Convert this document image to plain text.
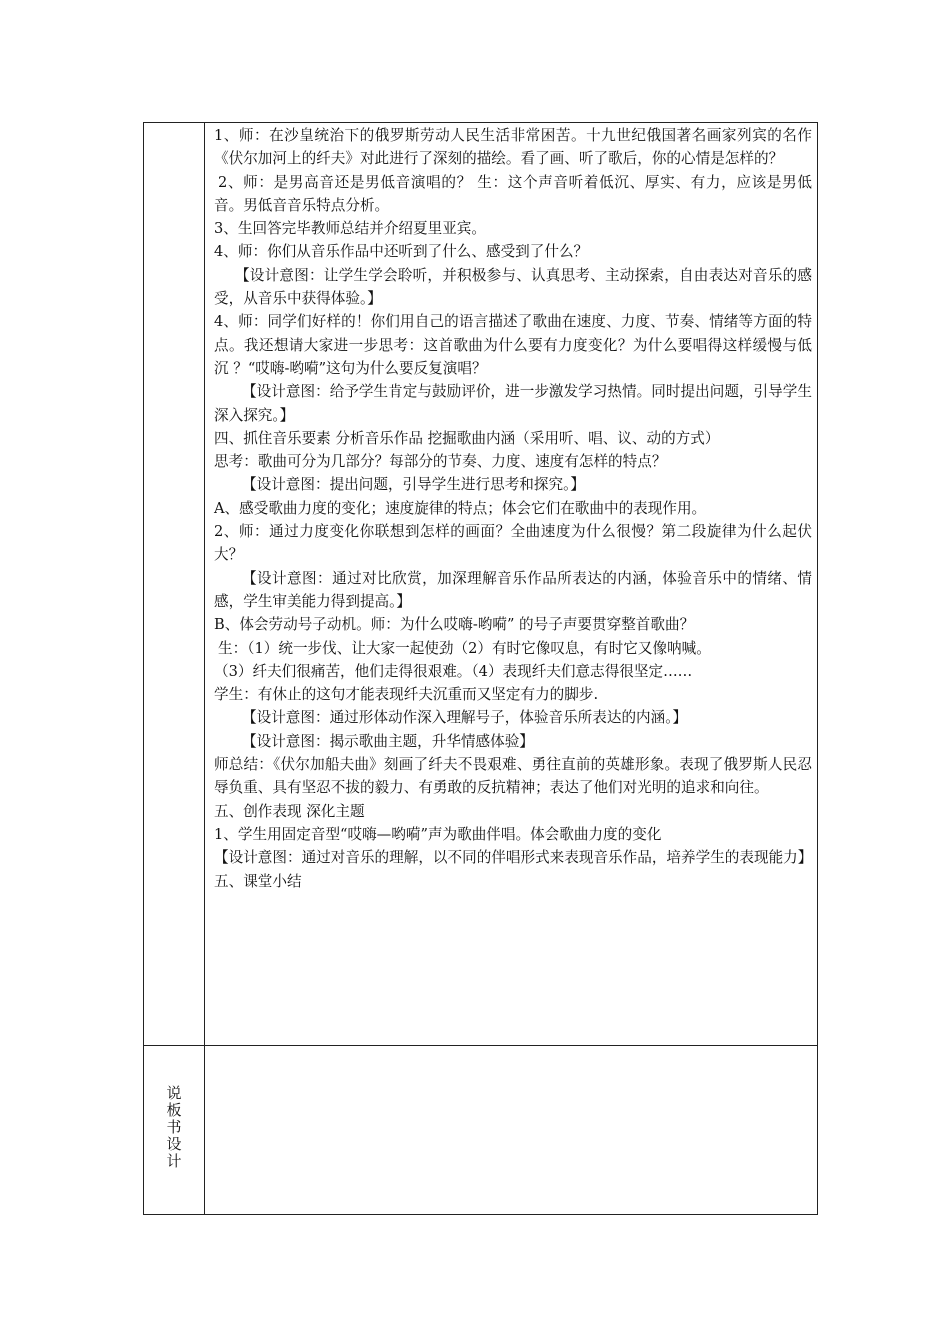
1、师：在沙皇统治下的俄罗斯劳动人民生活非常困苦。十九世纪俄国著名画家列宾的名作《伏尔加河上的纤夫》对此进行了深刻的描绘。看了画、听了歌后，你的心情是怎样的？

2、师：是男高音还是男低音演唱的？ 生：这个声音听着低沉、厚实、有力，应该是男低音。男低音音乐特点分析。

3、生回答完毕教师总结并介绍夏里亚宾。

4、师：你们从音乐作品中还听到了什么、感受到了什么？

【设计意图：让学生学会聆听，并积极参与、认真思考、主动探索，自由表达对音乐的感受，从音乐中获得体验。】

4、师：同学们好样的！你们用自己的语言描述了歌曲在速度、力度、节奏、情绪等方面的特点。我还想请大家进一步思考：这首歌曲为什么要有力度变化？为什么要唱得这样缓慢与低沉 ？“哎嗨-哟嗬”这句为什么要反复演唱？

【设计意图：给予学生肯定与鼓励评价，进一步激发学习热情。同时提出问题，引导学生深入探究。】

四、抓住音乐要素 分析音乐作品 挖掘歌曲内涵（采用听、唱、议、动的方式）

思考：歌曲可分为几部分？每部分的节奏、力度、速度有怎样的特点？

【设计意图：提出问题，引导学生进行思考和探究。】

A、感受歌曲力度的变化；速度旋律的特点；体会它们在歌曲中的表现作用。

2、师：通过力度变化你联想到怎样的画面？全曲速度为什么很慢？第二段旋律为什么起伏大？

【设计意图：通过对比欣赏，加深理解音乐作品所表达的内涵，体验音乐中的情绪、情感，学生审美能力得到提高。】

B、体会劳动号子动机。师：为什么哎嗨-哟嗬” 的号子声要贯穿整首歌曲？

生：（1）统一步伐、让大家一起使劲（2）有时它像叹息，有时它又像呐喊。

（3）纤夫们很痛苦，他们走得很艰难。（4）表现纤夫们意志得很坚定……

学生：有休止的这句才能表现纤夫沉重而又坚定有力的脚步.

【设计意图：通过形体动作深入理解号子，体验音乐所表达的内涵。】

【设计意图：揭示歌曲主题，升华情感体验】

师总结：《伏尔加船夫曲》刻画了纤夫不畏艰难、勇往直前的英雄形象。表现了俄罗斯人民忍辱负重、具有坚忍不拔的毅力、有勇敢的反抗精神；表达了他们对光明的追求和向往。

五、创作表现 深化主题

1、学生用固定音型“哎嗨—哟嗬”声为歌曲伴唱。体会歌曲力度的变化

【设计意图：通过对音乐的理解，以不同的伴唱形式来表现音乐作品，培养学生的表现能力】

五、课堂小结

说
板
书
设
计
